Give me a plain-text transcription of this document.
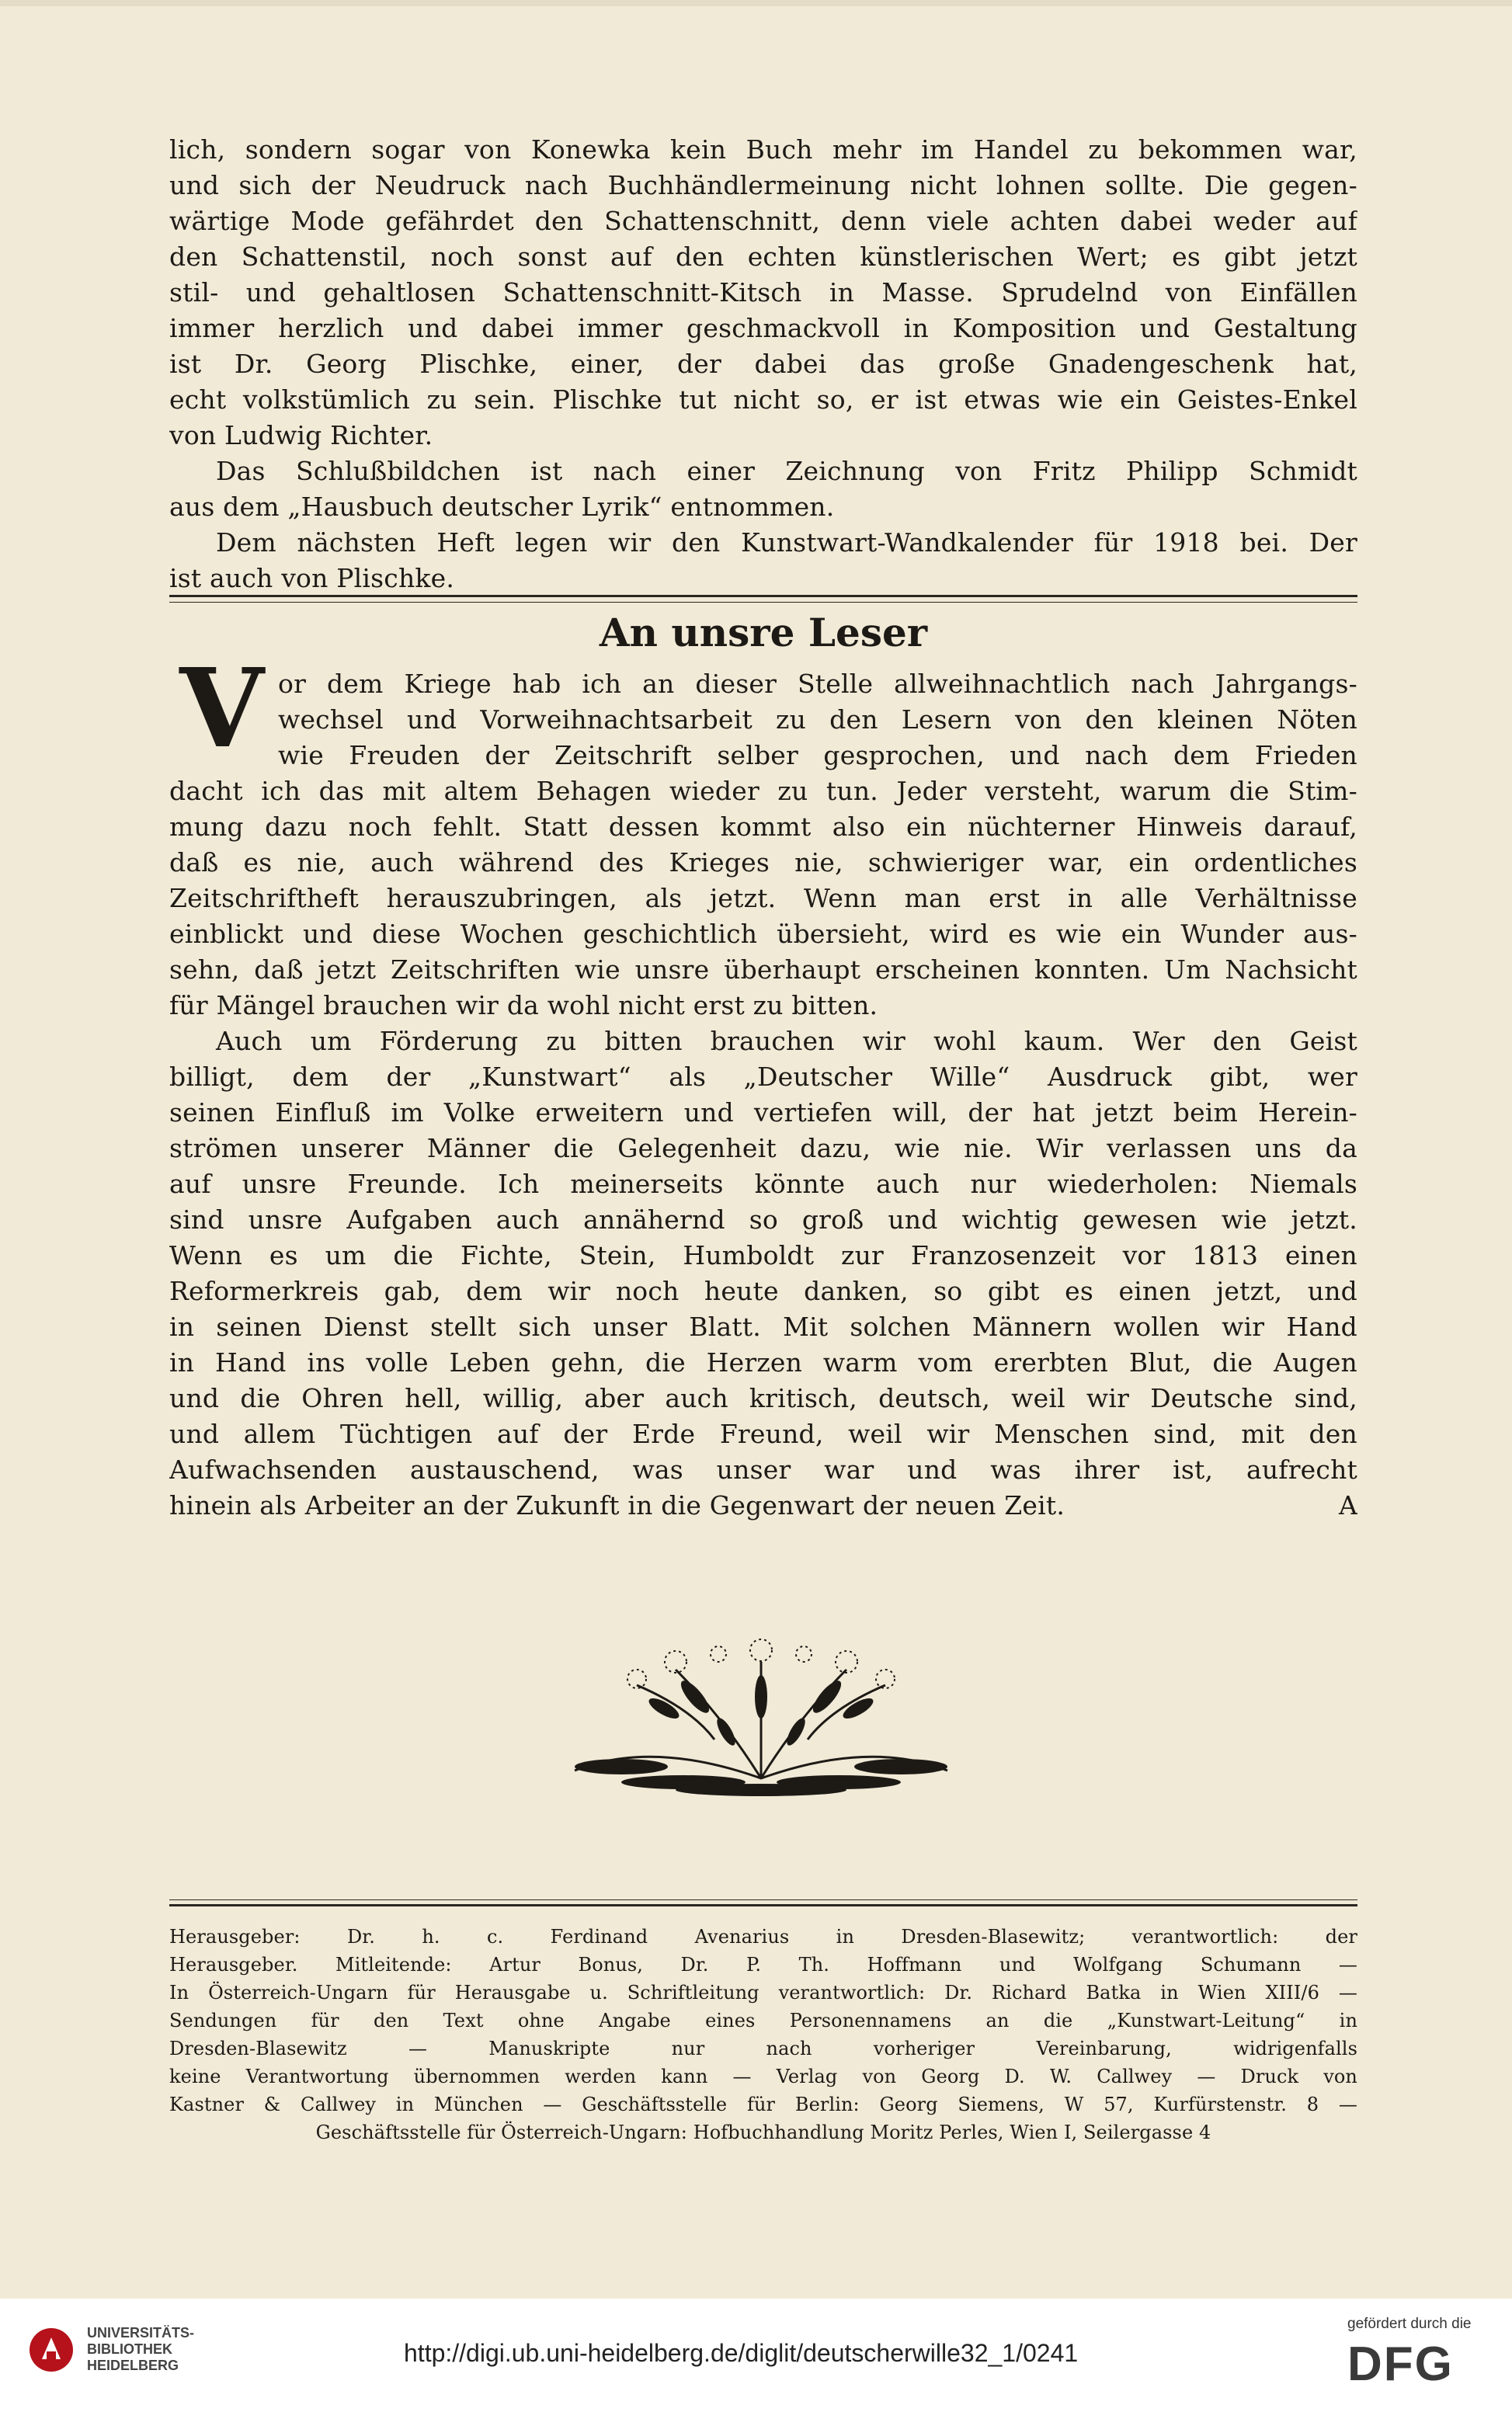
lich, sondern sogar von Konewka kein Buch mehr im Handel zu bekommen war,
und sich der Neudruck nach Buchhändlermeinung nicht lohnen sollte. Die gegen-
wärtige Mode gefährdet den Schattenschnitt, denn viele achten dabei weder auf
den Schattenstil, noch sonst auf den echten künstlerischen Wert; es gibt jetzt
stil- und gehaltlosen Schattenschnitt-Kitsch in Masse. Sprudelnd von Einfällen
immer herzlich und dabei immer geschmackvoll in Komposition und Gestaltung
ist Dr. Georg Plischke, einer, der dabei das große Gnadengeschenk hat,
echt volkstümlich zu sein. Plischke tut nicht so, er ist etwas wie ein Geistes-Enkel
von Ludwig Richter.
Das Schlußbildchen ist nach einer Zeichnung von Fritz Philipp Schmidt
aus dem „Hausbuch deutscher Lyrik“ entnommen.
Dem nächsten Heft legen wir den Kunstwart-Wandkalender für 1918 bei. Der
ist auch von Plischke.
An unsre Leser
V or dem Kriege hab ich an dieser Stelle allweihnachtlich nach Jahrgangs-
wechsel und Vorweihnachtsarbeit zu den Lesern von den kleinen Nöten
wie Freuden der Zeitschrift selber gesprochen, und nach dem Frieden
dacht ich das mit altem Behagen wieder zu tun. Jeder versteht, warum die Stim-
mung dazu noch fehlt. Statt dessen kommt also ein nüchterner Hinweis darauf,
daß es nie, auch während des Krieges nie, schwieriger war, ein ordentliches
Zeitschriftheft herauszubringen, als jetzt. Wenn man erst in alle Verhältnisse
einblickt und diese Wochen geschichtlich übersieht, wird es wie ein Wunder aus-
sehn, daß jetzt Zeitschriften wie unsre überhaupt erscheinen konnten. Um Nachsicht
für Mängel brauchen wir da wohl nicht erst zu bitten.
Auch um Förderung zu bitten brauchen wir wohl kaum. Wer den Geist
billigt, dem der „Kunstwart“ als „Deutscher Wille“ Ausdruck gibt, wer
seinen Einfluß im Volke erweitern und vertiefen will, der hat jetzt beim Herein-
strömen unserer Männer die Gelegenheit dazu, wie nie. Wir verlassen uns da
auf unsre Freunde. Ich meinerseits könnte auch nur wiederholen: Niemals
sind unsre Aufgaben auch annähernd so groß und wichtig gewesen wie jetzt.
Wenn es um die Fichte, Stein, Humboldt zur Franzosenzeit vor 1813 einen
Reformerkreis gab, dem wir noch heute danken, so gibt es einen jetzt, und
in seinen Dienst stellt sich unser Blatt. Mit solchen Männern wollen wir Hand
in Hand ins volle Leben gehn, die Herzen warm vom ererbten Blut, die Augen
und die Ohren hell, willig, aber auch kritisch, deutsch, weil wir Deutsche sind,
und allem Tüchtigen auf der Erde Freund, weil wir Menschen sind, mit den
Aufwachsenden austauschend, was unser war und was ihrer ist, aufrecht
hinein als Arbeiter an der Zukunft in die Gegenwart der neuen Zeit.	A
Herausgeber: Dr. h. c. Ferdinand Avenarius in Dresden-Blasewitz; verantwortlich: der
Herausgeber. Mitleitende: Artur Bonus, Dr. P. Th. Hoffmann und Wolfgang Schumann —
In Österreich-Ungarn für Herausgabe u. Schriftleitung verantwortlich: Dr. Richard Batka in Wien XIII/6 —
Sendungen für den Text ohne Angabe eines Personennamens an die „Kunstwart-Leitung“ in
Dresden-Blasewitz — Manuskripte nur nach vorheriger Vereinbarung, widrigenfalls
keine Verantwortung übernommen werden kann — Verlag von Georg D. W. Callwey — Druck von
Kastner & Callwey in München — Geschäftsstelle für Berlin: Georg Siemens, W 57, Kurfürstenstr. 8 —
Geschäftsstelle für Österreich-Ungarn: Hofbuchhandlung Moritz Perles, Wien I, Seilergasse 4
UNIVERSITÄTS-
BIBLIOTHEK
HEIDELBERG	http://digi.ub.uni-heidelberg.de/diglit/deutscherwille32_1/0241
gefördert durch die
DFG
